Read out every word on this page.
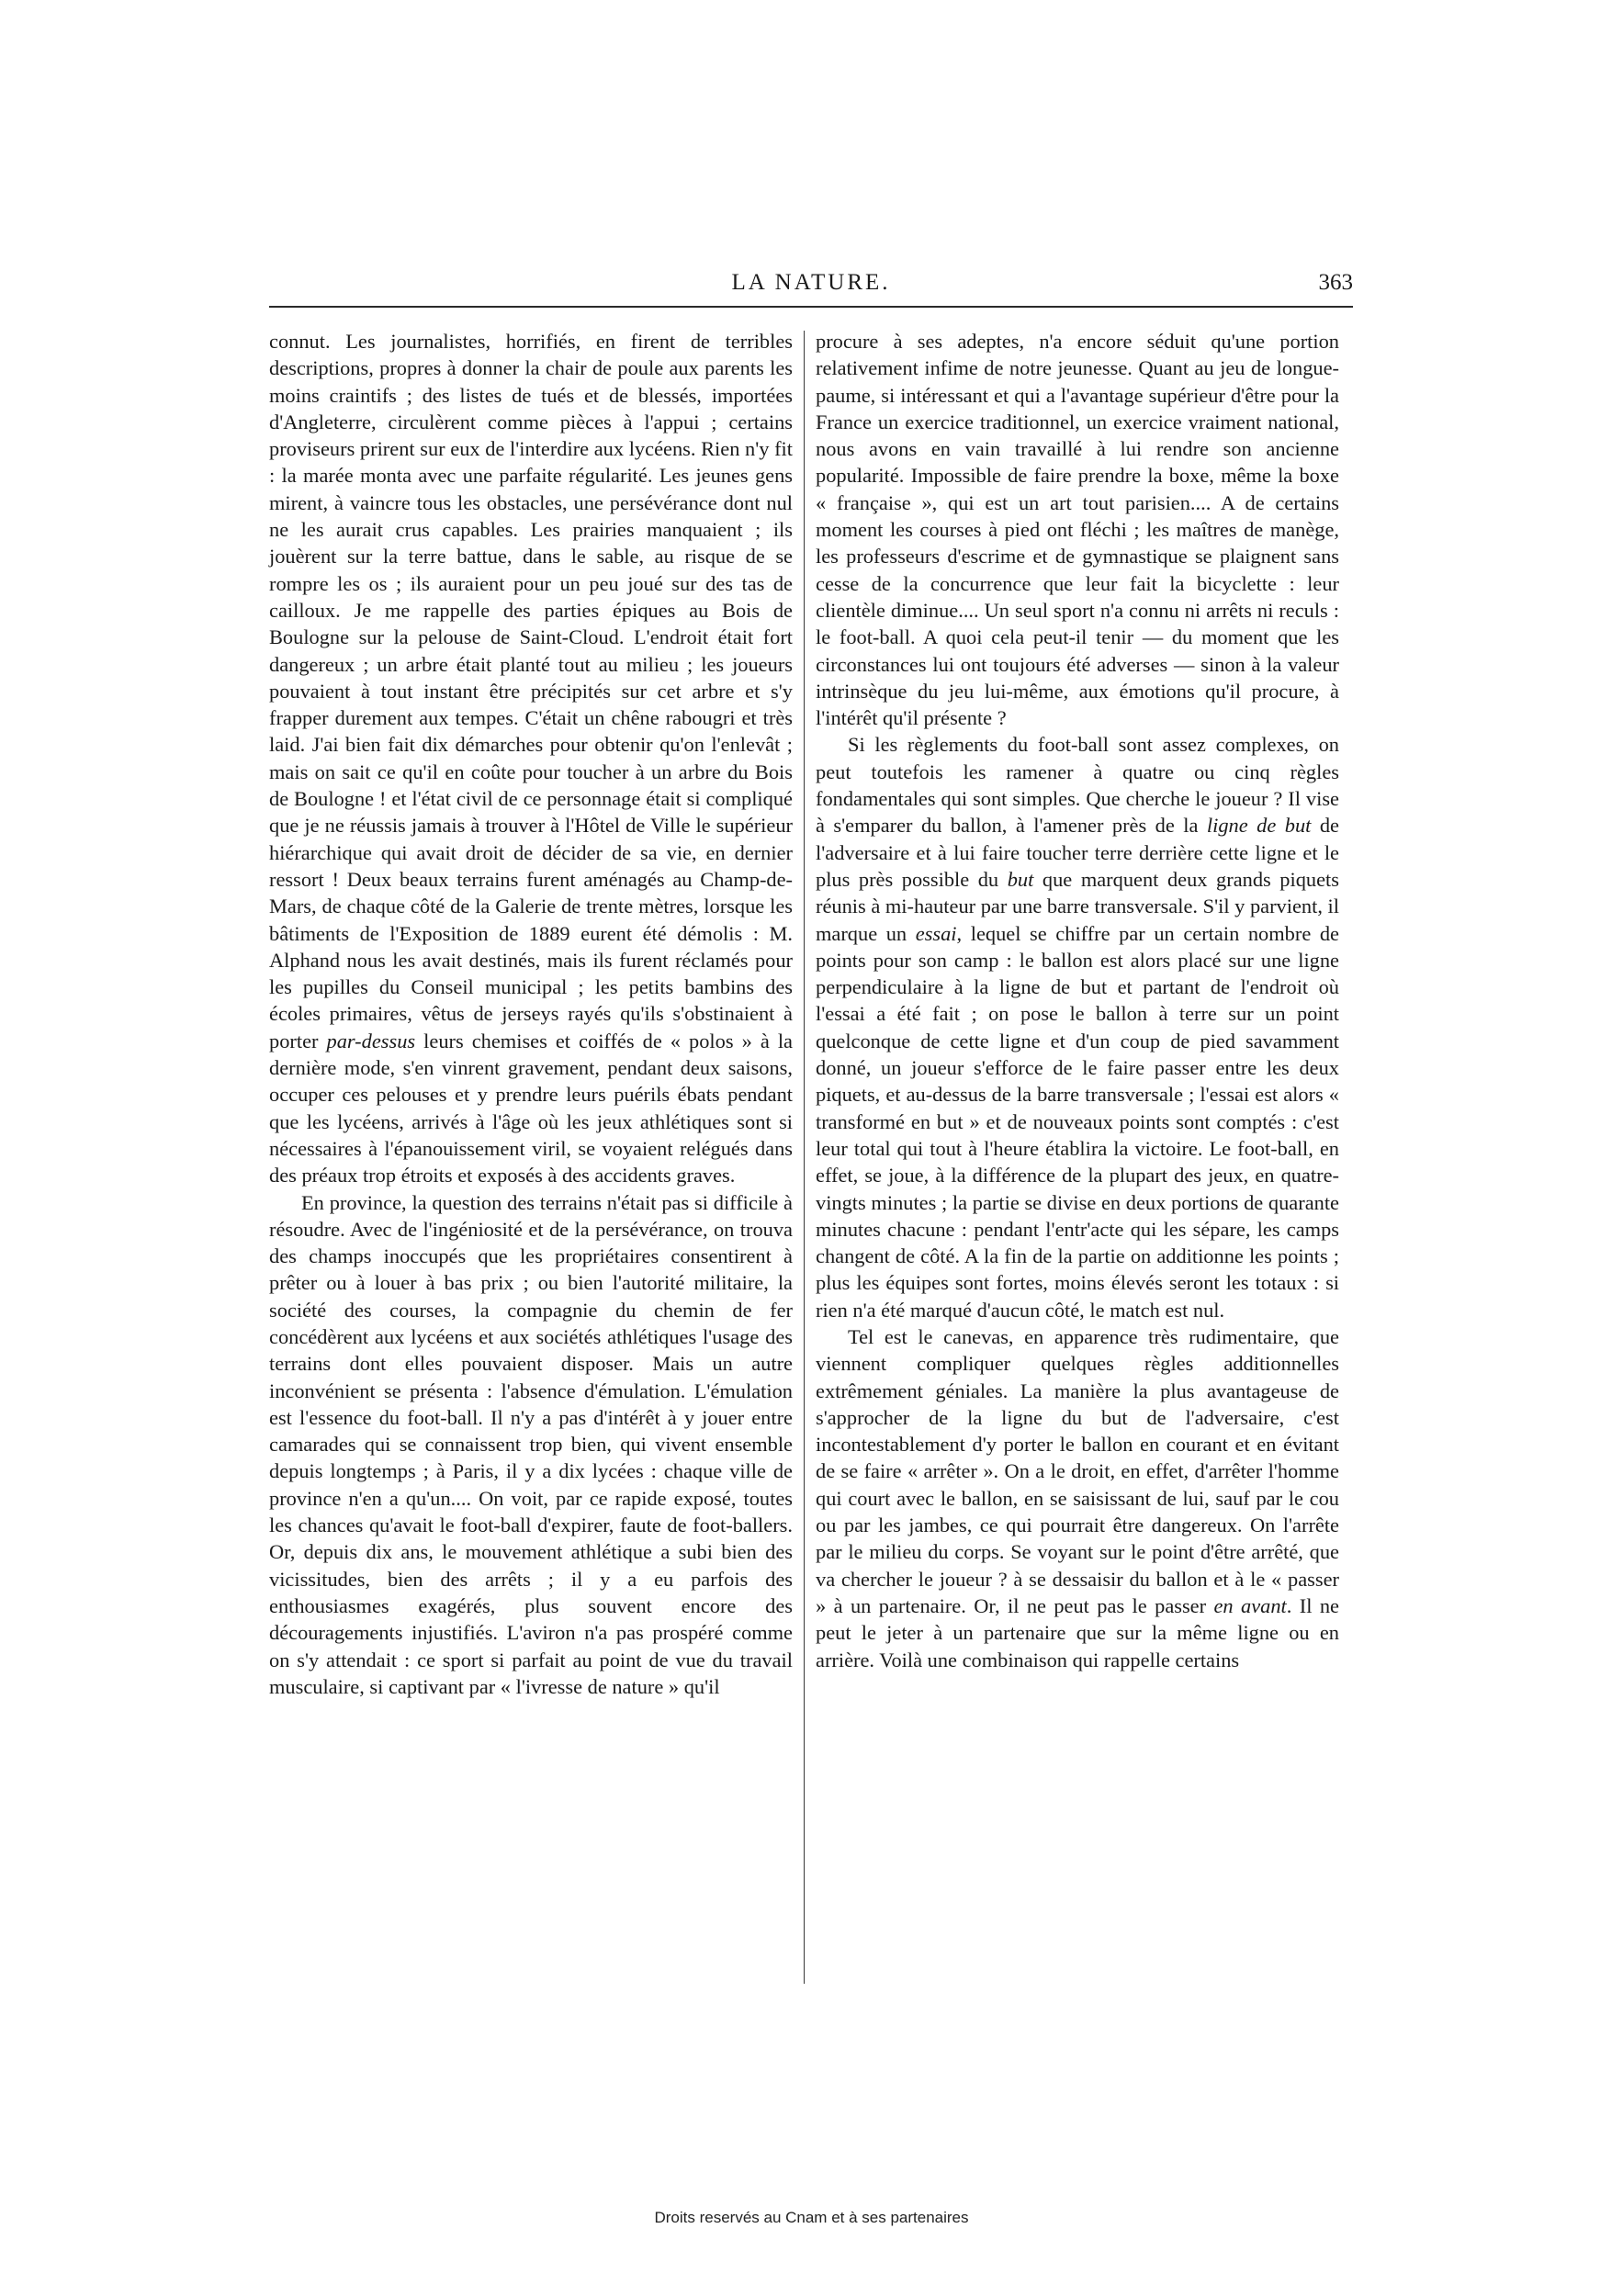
LA NATURE.	363

connut. Les journalistes, horrifiés, en firent de terribles descriptions, propres à donner la chair de poule aux parents les moins craintifs ; des listes de tués et de blessés, importées d'Angleterre, circulèrent comme pièces à l'appui ; certains proviseurs prirent sur eux de l'interdire aux lycéens. Rien n'y fit : la marée monta avec une parfaite régularité. Les jeunes gens mirent, à vaincre tous les obstacles, une persévérance dont nul ne les aurait crus capables. Les prairies manquaient ; ils jouèrent sur la terre battue, dans le sable, au risque de se rompre les os ; ils auraient pour un peu joué sur des tas de cailloux. Je me rappelle des parties épiques au Bois de Boulogne sur la pelouse de Saint-Cloud. L'endroit était fort dangereux ; un arbre était planté tout au milieu ; les joueurs pouvaient à tout instant être précipités sur cet arbre et s'y frapper durement aux tempes. C'était un chêne rabougri et très laid. J'ai bien fait dix démarches pour obtenir qu'on l'enlevât ; mais on sait ce qu'il en coûte pour toucher à un arbre du Bois de Boulogne ! et l'état civil de ce personnage était si compliqué que je ne réussis jamais à trouver à l'Hôtel de Ville le supérieur hiérarchique qui avait droit de décider de sa vie, en dernier ressort ! Deux beaux terrains furent aménagés au Champ-de-Mars, de chaque côté de la Galerie de trente mètres, lorsque les bâtiments de l'Exposition de 1889 eurent été démolis : M. Alphand nous les avait destinés, mais ils furent réclamés pour les pupilles du Conseil municipal ; les petits bambins des écoles primaires, vêtus de jerseys rayés qu'ils s'obstinaient à porter par-dessus leurs chemises et coiffés de « polos » à la dernière mode, s'en vinrent gravement, pendant deux saisons, occuper ces pelouses et y prendre leurs puérils ébats pendant que les lycéens, arrivés à l'âge où les jeux athlétiques sont si nécessaires à l'épanouissement viril, se voyaient relégués dans des préaux trop étroits et exposés à des accidents graves.

En province, la question des terrains n'était pas si difficile à résoudre. Avec de l'ingéniosité et de la persévérance, on trouva des champs inoccupés que les propriétaires consentirent à prêter ou à louer à bas prix ; ou bien l'autorité militaire, la société des courses, la compagnie du chemin de fer concédèrent aux lycéens et aux sociétés athlétiques l'usage des terrains dont elles pouvaient disposer. Mais un autre inconvénient se présenta : l'absence d'émulation. L'émulation est l'essence du foot-ball. Il n'y a pas d'intérêt à y jouer entre camarades qui se connaissent trop bien, qui vivent ensemble depuis longtemps ; à Paris, il y a dix lycées : chaque ville de province n'en a qu'un.... On voit, par ce rapide exposé, toutes les chances qu'avait le foot-ball d'expirer, faute de foot-ballers. Or, depuis dix ans, le mouvement athlétique a subi bien des vicissitudes, bien des arrêts ; il y a eu parfois des enthousiasmes exagérés, plus souvent encore des découragements injustifiés. L'aviron n'a pas prospéré comme on s'y attendait : ce sport si parfait au point de vue du travail musculaire, si captivant par « l'ivresse de nature » qu'il

procure à ses adeptes, n'a encore séduit qu'une portion relativement infime de notre jeunesse. Quant au jeu de longue-paume, si intéressant et qui a l'avantage supérieur d'être pour la France un exercice traditionnel, un exercice vraiment national, nous avons en vain travaillé à lui rendre son ancienne popularité. Impossible de faire prendre la boxe, même la boxe « française », qui est un art tout parisien.... A de certains moment les courses à pied ont fléchi ; les maîtres de manège, les professeurs d'escrime et de gymnastique se plaignent sans cesse de la concurrence que leur fait la bicyclette : leur clientèle diminue.... Un seul sport n'a connu ni arrêts ni reculs : le foot-ball. A quoi cela peut-il tenir — du moment que les circonstances lui ont toujours été adverses — sinon à la valeur intrinsèque du jeu lui-même, aux émotions qu'il procure, à l'intérêt qu'il présente ?

Si les règlements du foot-ball sont assez complexes, on peut toutefois les ramener à quatre ou cinq règles fondamentales qui sont simples. Que cherche le joueur ? Il vise à s'emparer du ballon, à l'amener près de la ligne de but de l'adversaire et à lui faire toucher terre derrière cette ligne et le plus près possible du but que marquent deux grands piquets réunis à mi-hauteur par une barre transversale. S'il y parvient, il marque un essai, lequel se chiffre par un certain nombre de points pour son camp : le ballon est alors placé sur une ligne perpendiculaire à la ligne de but et partant de l'endroit où l'essai a été fait ; on pose le ballon à terre sur un point quelconque de cette ligne et d'un coup de pied savamment donné, un joueur s'efforce de le faire passer entre les deux piquets, et au-dessus de la barre transversale ; l'essai est alors « transformé en but » et de nouveaux points sont comptés : c'est leur total qui tout à l'heure établira la victoire. Le foot-ball, en effet, se joue, à la différence de la plupart des jeux, en quatre-vingts minutes ; la partie se divise en deux portions de quarante minutes chacune : pendant l'entr'acte qui les sépare, les camps changent de côté. A la fin de la partie on additionne les points ; plus les équipes sont fortes, moins élevés seront les totaux : si rien n'a été marqué d'aucun côté, le match est nul.

Tel est le canevas, en apparence très rudimentaire, que viennent compliquer quelques règles additionnelles extrêmement géniales. La manière la plus avantageuse de s'approcher de la ligne du but de l'adversaire, c'est incontestablement d'y porter le ballon en courant et en évitant de se faire « arrêter ». On a le droit, en effet, d'arrêter l'homme qui court avec le ballon, en se saisissant de lui, sauf par le cou ou par les jambes, ce qui pourrait être dangereux. On l'arrête par le milieu du corps. Se voyant sur le point d'être arrêté, que va chercher le joueur ? à se dessaisir du ballon et à le « passer » à un partenaire. Or, il ne peut pas le passer en avant. Il ne peut le jeter à un partenaire que sur la même ligne ou en arrière. Voilà une combinaison qui rappelle certains

Droits reservés au Cnam et à ses partenaires
